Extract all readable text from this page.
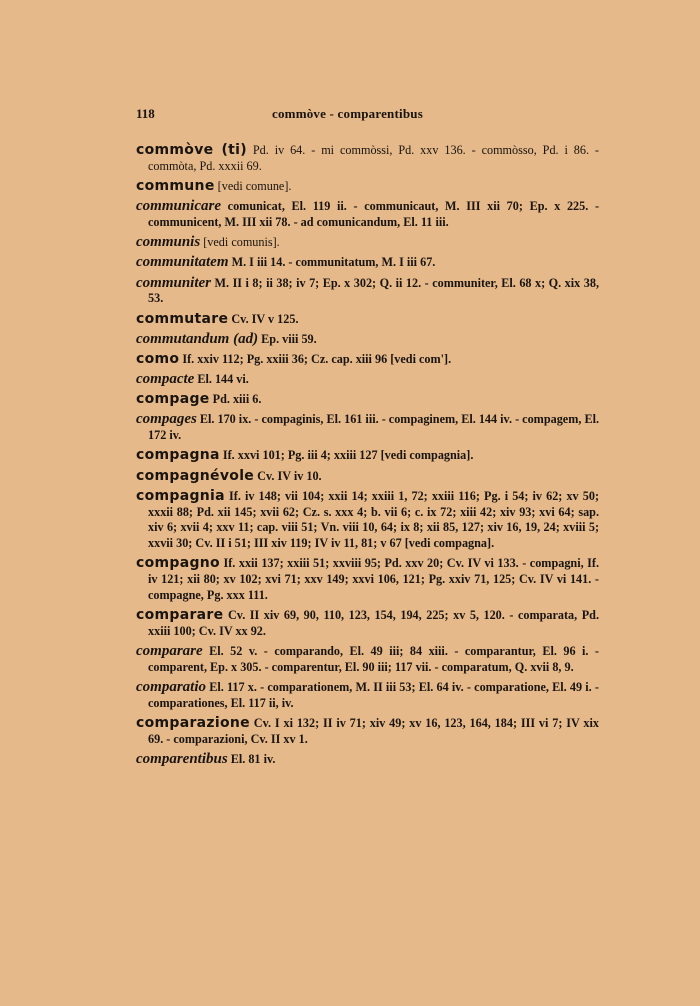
118	commòve - comparentibus

commòve (ti) Pd. iv 64. - mi commòssi, Pd. xxv 136. - commòsso, Pd. i 86. - commòta, Pd. xxxii 69.

commune [vedi comune].

communicare comunicat, El. 119 ii. - communicaut, M. III xii 70; Ep. x 225. - communicent, M. III xii 78. - ad comunicandum, El. 11 iii.

communis [vedi comunis].

communitatem M. I iii 14. - communitatum, M. I iii 67.

communiter M. II i 8; ii 38; iv 7; Ep. x 302; Q. ii 12. - communiter, El. 68 x; Q. xix 38, 53.

commutare Cv. IV v 125.

commutandum (ad) Ep. viii 59.

como If. xxiv 112; Pg. xxiii 36; Cz. cap. xiii 96 [vedi com'].

compacte El. 144 vi.

compage Pd. xiii 6.

compages El. 170 ix. - compaginis, El. 161 iii. - compaginem, El. 144 iv. - compagem, El. 172 iv.

compagna If. xxvi 101; Pg. iii 4; xxiii 127 [vedi compagnia].

compagnévole Cv. IV iv 10.

compagnia If. iv 148; vii 104; xxii 14; xxiii 1, 72; xxiii 116; Pg. i 54; iv 62; xv 50; xxxii 88; Pd. xii 145; xvii 62; Cz. s. xxx 4; b. vii 6; c. ix 72; xiii 42; xiv 93; xvi 64; sap. xiv 6; xvii 4; xxv 11; cap. viii 51; Vn. viii 10, 64; ix 8; xii 85, 127; xiv 16, 19, 24; xviii 5; xxvii 30; Cv. II i 51; III xiv 119; IV iv 11, 81; v 67 [vedi compagna].

compagno If. xxii 137; xxiii 51; xxviii 95; Pd. xxv 20; Cv. IV vi 133. - compagni, If. iv 121; xii 80; xv 102; xvi 71; xxv 149; xxvi 106, 121; Pg. xxiv 71, 125; Cv. IV vi 141. - compagne, Pg. xxx 111.

comparare Cv. II xiv 69, 90, 110, 123, 154, 194, 225; xv 5, 120. - comparata, Pd. xxiii 100; Cv. IV xx 92.

comparare El. 52 v. - comparando, El. 49 iii; 84 xiii. - comparantur, El. 96 i. - comparent, Ep. x 305. - comparentur, El. 90 iii; 117 vii. - comparatum, Q. xvii 8, 9.

comparatio El. 117 x. - comparationem, M. II iii 53; El. 64 iv. - comparatione, El. 49 i. - comparationes, El. 117 ii, iv.

comparazione Cv. I xi 132; II iv 71; xiv 49; xv 16, 123, 164, 184; III vi 7; IV xix 69. - comparazioni, Cv. II xv 1.

comparentibus El. 81 iv.
